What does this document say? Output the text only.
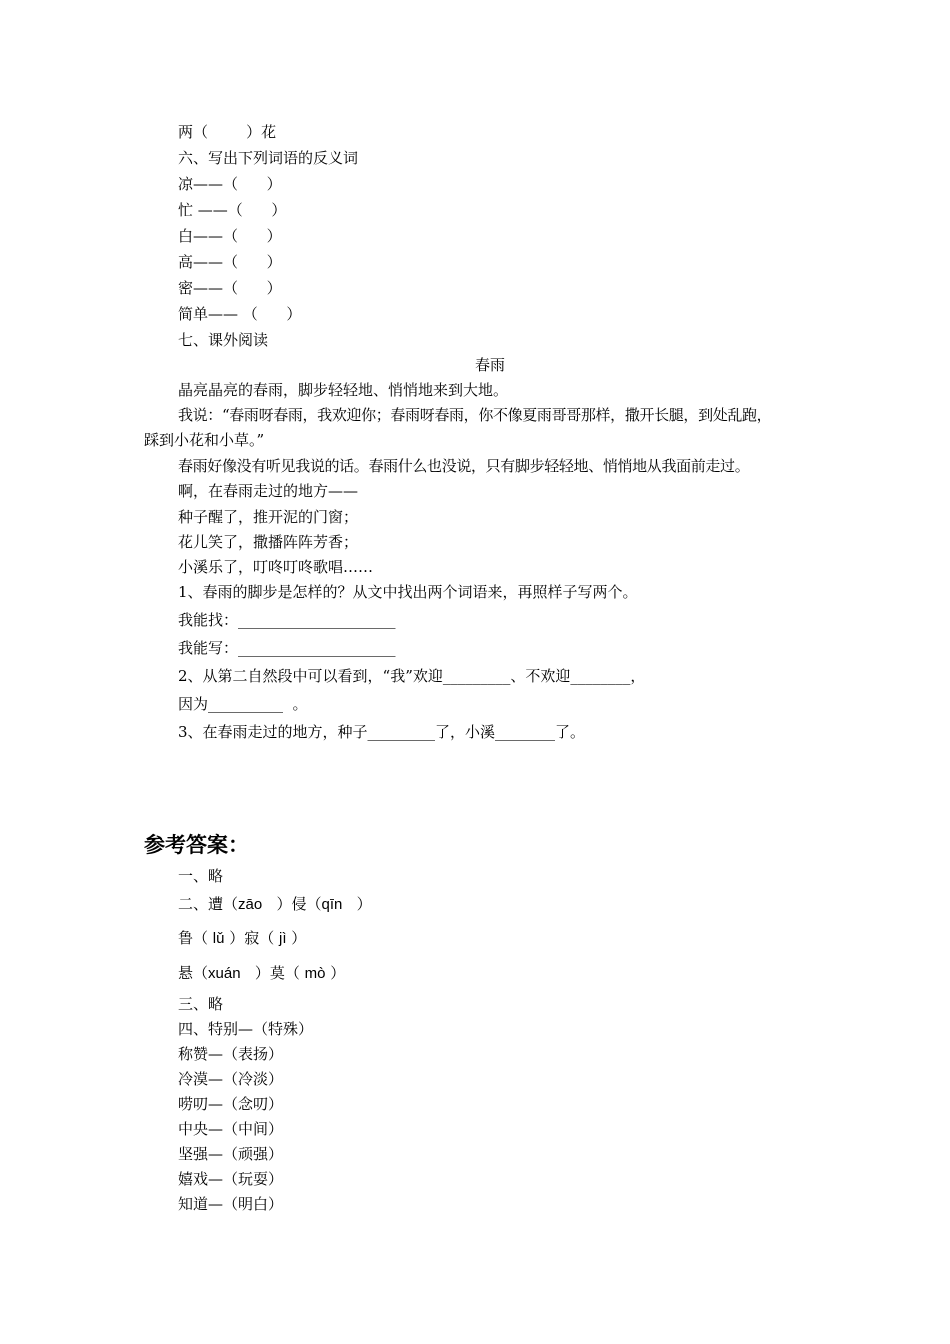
两（        ）花
六、写出下列词语的反义词
凉——（      ）
忙 ——（      ）
白——（      ）
高——（      ）
密——（      ）
简单—— （      ）
七、课外阅读
春雨
晶亮晶亮的春雨，脚步轻轻地、悄悄地来到大地。
我说：“春雨呀春雨，我欢迎你；春雨呀春雨，你不像夏雨哥哥那样，撒开长腿，到处乱跑，
踩到小花和小草。”
春雨好像没有听见我说的话。春雨什么也没说，只有脚步轻轻地、悄悄地从我面前走过。
啊，在春雨走过的地方——
种子醒了，推开泥的门窗；
花儿笑了，撒播阵阵芳香；
小溪乐了，叮咚叮咚歌唱……
1、春雨的脚步是怎样的？从文中找出两个词语来，再照样子写两个。
我能找：_____________________
我能写：_____________________
2、从第二自然段中可以看到，“我”欢迎_________、不欢迎________，
因为__________  。
3、在春雨走过的地方，种子_________了，小溪________了。
参考答案：
一、略
二、遭（zāo   ）侵（qīn   ）
鲁（ lǔ ）寂（ jì ）
悬（xuán   ）莫（ mò ）
三、略
四、特别—（特殊）
称赞—（表扬）
冷漠—（冷淡）
唠叨—（念叨）
中央—（中间）
坚强—（顽强）
嬉戏—（玩耍）
知道—（明白）
